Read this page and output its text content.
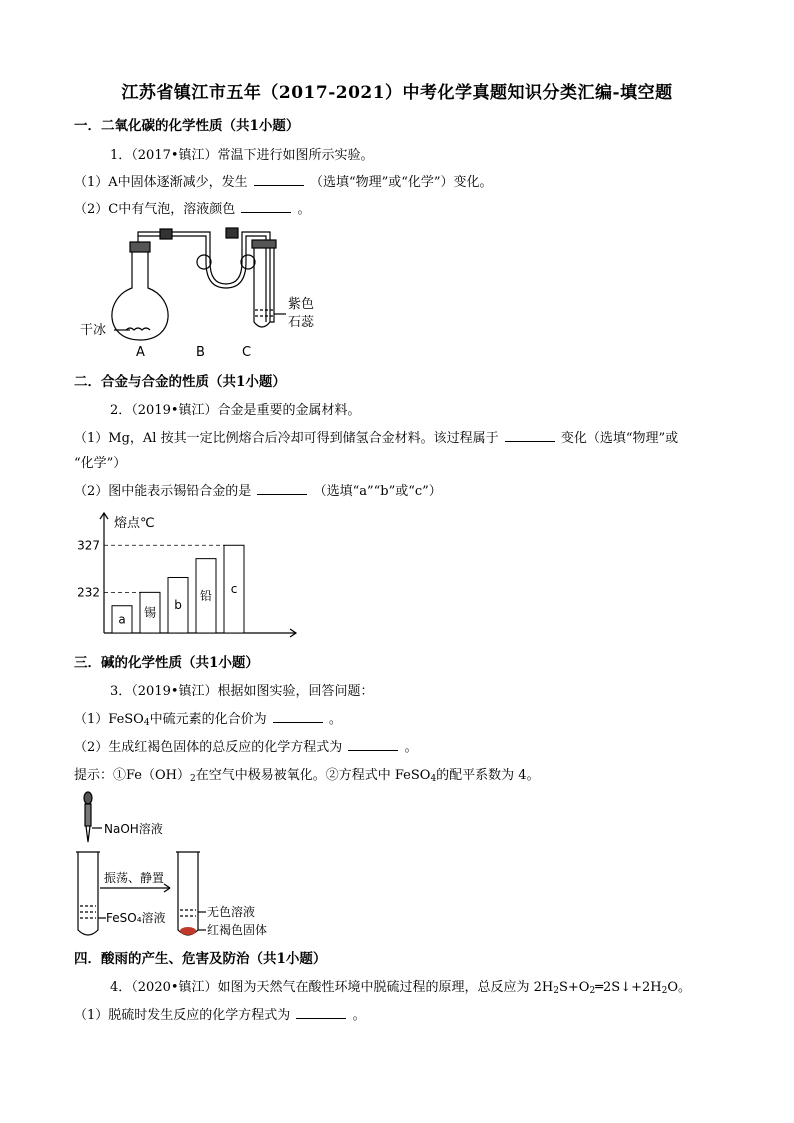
江苏省镇江市五年（2017-2021）中考化学真题知识分类汇编-填空题
一．二氧化碳的化学性质（共1小题）
1．（2017•镇江）常温下进行如图所示实验。
（1）A中固体逐渐减少，发生	（选填“物理”或“化学”）变化。
（2）C中有气泡，溶液颜色	。
紫色
石蕊
干冰
A	B	C
二．合金与合金的性质（共1小题）
2．（2019•镇江）合金是重要的金属材料。
（1）Mg，Al 按其一定比例熔合后冷却可得到储氢合金材料。该过程属于	变化（选填“物理”或
“化学”）
（2）图中能表示锡铅合金的是	（选填“a”“b”或“c”）
熔点℃
a 锡
b
铅 c
232
327
三．碱的化学性质（共1小题）
3．（2019•镇江）根据如图实验，回答问题：
（1）FeSO$_4$中硫元素的化合价为	。
（2）生成红褐色固体的总反应的化学方程式为	。
提示：$①Fe(OH)_2$在空气中极易被氧化。②方程式中 FeSO$_4$的配平系数为 4。
NaOH溶液
振荡、静置
FeSO₄溶液	无色溶液
红褐色固体
四．酸雨的产生、危害及防治（共1小题）
4．（2020•镇江）如图为天然气在酸性环境中脱硫过程的原理，总反应为 $2H_2S+O_2═2S↓+2H_2O$。
（1）脱硫时发生反应的化学方程式为	。
